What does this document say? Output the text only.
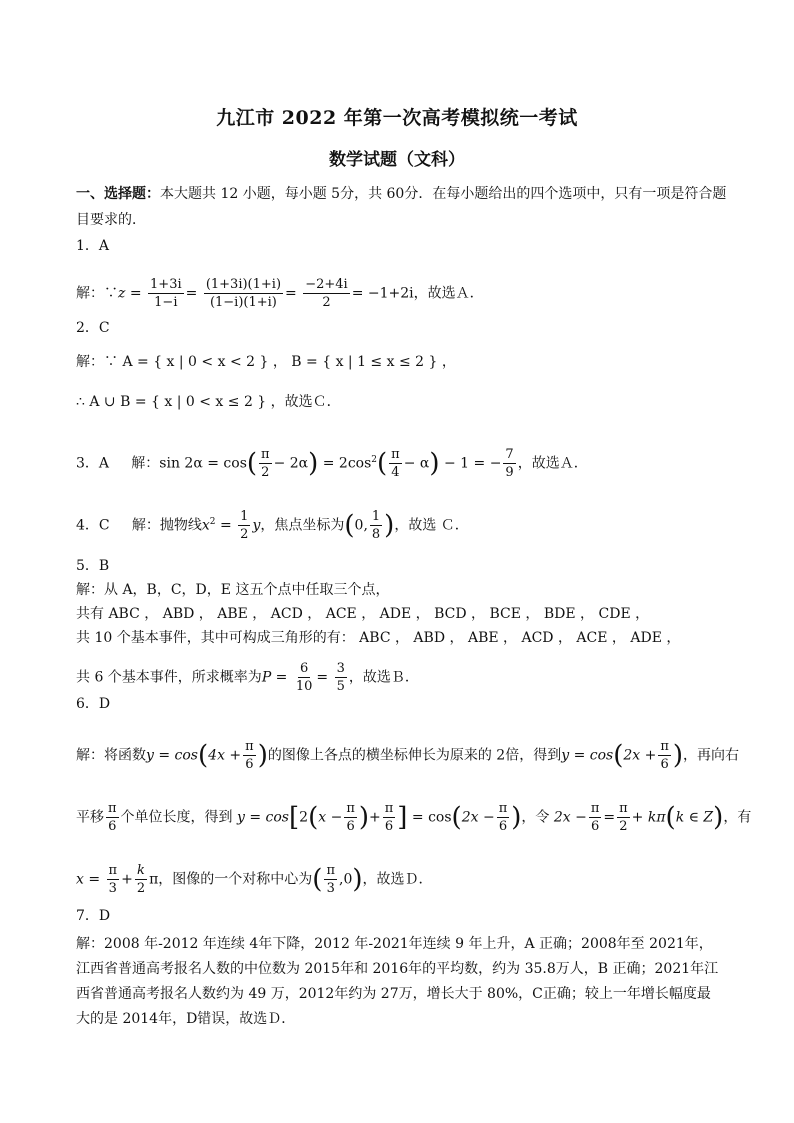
九江市 2022 年第一次高考模拟统一考试
数学试题（文科）
一、选择题：本大题共 12 小题，每小题 5分，共 60分．在每小题给出的四个选项中，只有一项是符合题
目要求的．
1．A
解：∵z = $\frac{1+3i}{1-i} = \frac{(1+3i)(1+i)}{(1-i)(1+i)} = \frac{-2+4i}{2} = -1+2i$，故选Ａ．
2．C
解：∵ A = { x | 0 < x < 2 } ， B = { x | 1 ≤ x ≤ 2 } ，
∴ A ∪ B = { x | 0 < x ≤ 2 } ，故选Ｃ．
3．A 解：$\sin 2\alpha = \cos( \frac{\pi}{2} - 2\alpha) = 2\cos^2( \frac{\pi}{4} - \alpha) - 1$ = − $\frac{7}{9}$ ，故选Ａ．
4．C 解：抛物线$x^2 = \frac{1}{2}$ y，焦点坐标为(0, $\frac{1}{8}$ )，故选 Ｃ．
5．B
解：从 A，B，C，D，E 这五个点中任取三个点，
共有 ABC ， ABD ， ABE ， ACD ， ACE ， ADE ， BCD ， BCE ， BDE ， CDE ，
共 10 个基本事件，其中可构成三角形的有： ABC ， ABD ， ABE ， ACD ， ACE ， ADE ，
共 6 个基本事件，所求概率为$P = \frac{6}{10} = \frac{3}{5}$ ，故选Ｂ．
6．D
解：将函数$y = \cos(4x + \frac{\pi}{6}$ )的图像上各点的横坐标伸长为原来的 2倍，得到$y = \cos(2x + \frac{\pi}{6}$ )，再向右
平移 $\frac{\pi}{6}$ 个单位长度，得到 $y = \cos[2(x - \frac{\pi}{6}$ )+ $\frac{\pi}{6}$ ] = $\cos(2x - \frac{\pi}{6}$ )，令 $2x - \frac{\pi}{6} = \frac{\pi}{2} + k\pi(k$ ∈ Z)，有
$x = \frac{\pi}{3} + \frac{k}{2}$ π，图像的一个对称中心为( $\frac{\pi}{3} ,0$)，故选Ｄ．
7．D
解：2008 年-2012 年连续 4年下降，2012 年-2021年连续 9 年上升，A 正确；2008年至 2021年，江西省普通高考报名人数的中位数为 2015年和 2016年的平均数，约为 35.8万人，B 正确；2021年江西省普通高考报名人数约为 49 万，2012年约为 27万，增长大于 80%，C正确；较上一年增长幅度最大的是 2014年，D错误，故选Ｄ．
